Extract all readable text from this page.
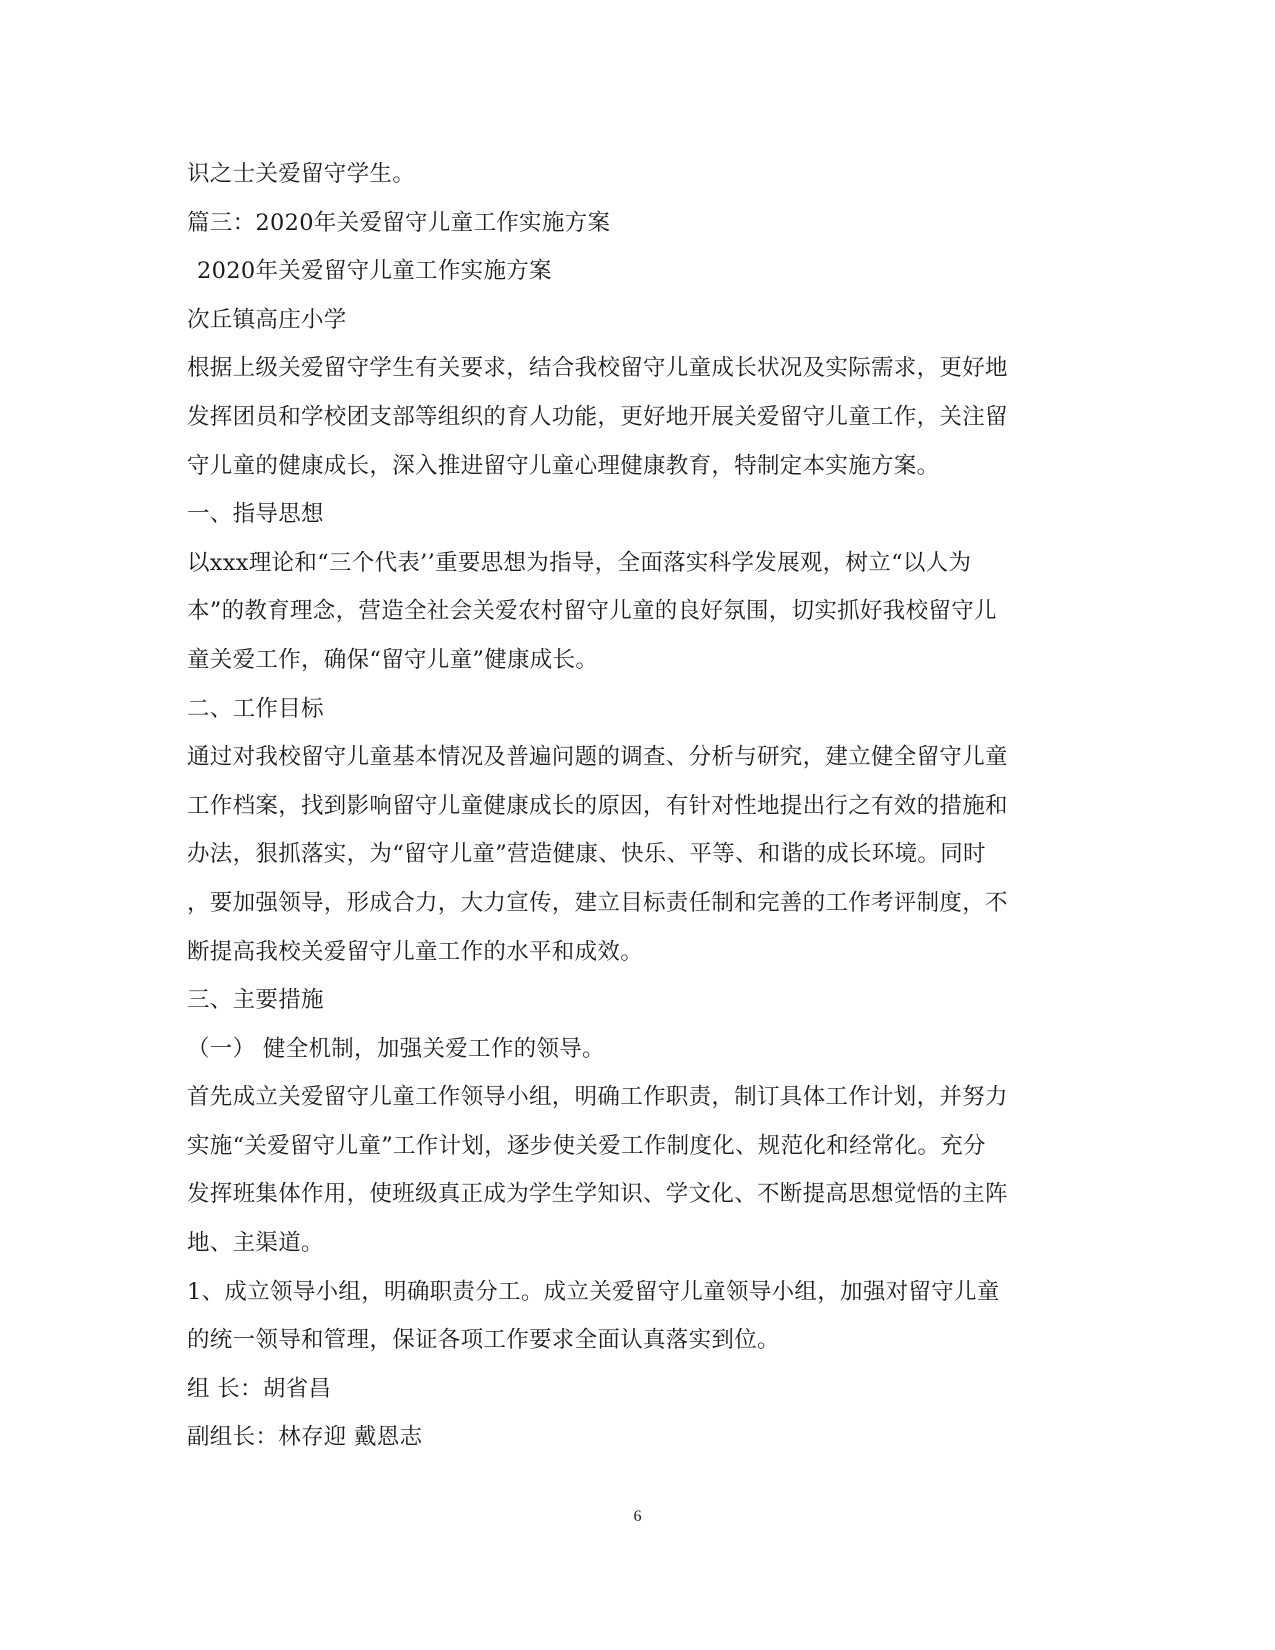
识之士关爱留守学生。
篇三：2020年关爱留守儿童工作实施方案
2020年关爱留守儿童工作实施方案
次丘镇高庄小学
根据上级关爱留守学生有关要求，结合我校留守儿童成长状况及实际需求，更好地
发挥团员和学校团支部等组织的育人功能，更好地开展关爱留守儿童工作，关注留
守儿童的健康成长，深入推进留守儿童心理健康教育，特制定本实施方案。
一、指导思想
以xxx理论和“三个代表’’重要思想为指导，全面落实科学发展观，树立“以人为
本”的教育理念，营造全社会关爱农村留守儿童的良好氛围，切实抓好我校留守儿
童关爱工作，确保“留守儿童”健康成长。
二、工作目标
通过对我校留守儿童基本情况及普遍问题的调查、分析与研究，建立健全留守儿童
工作档案，找到影响留守儿童健康成长的原因，有针对性地提出行之有效的措施和
办法，狠抓落实，为“留守儿童”营造健康、快乐、平等、和谐的成长环境。同时
，要加强领导，形成合力，大力宣传，建立目标责任制和完善的工作考评制度，不
断提高我校关爱留守儿童工作的水平和成效。
三、主要措施
（一） 健全机制，加强关爱工作的领导。
首先成立关爱留守儿童工作领导小组，明确工作职责，制订具体工作计划，并努力
实施“关爱留守儿童”工作计划，逐步使关爱工作制度化、规范化和经常化。充分
发挥班集体作用，使班级真正成为学生学知识、学文化、不断提高思想觉悟的主阵
地、主渠道。
1、成立领导小组，明确职责分工。成立关爱留守儿童领导小组，加强对留守儿童
的统一领导和管理，保证各项工作要求全面认真落实到位。
组 长：胡省昌
副组长：林存迎 戴恩志
6
